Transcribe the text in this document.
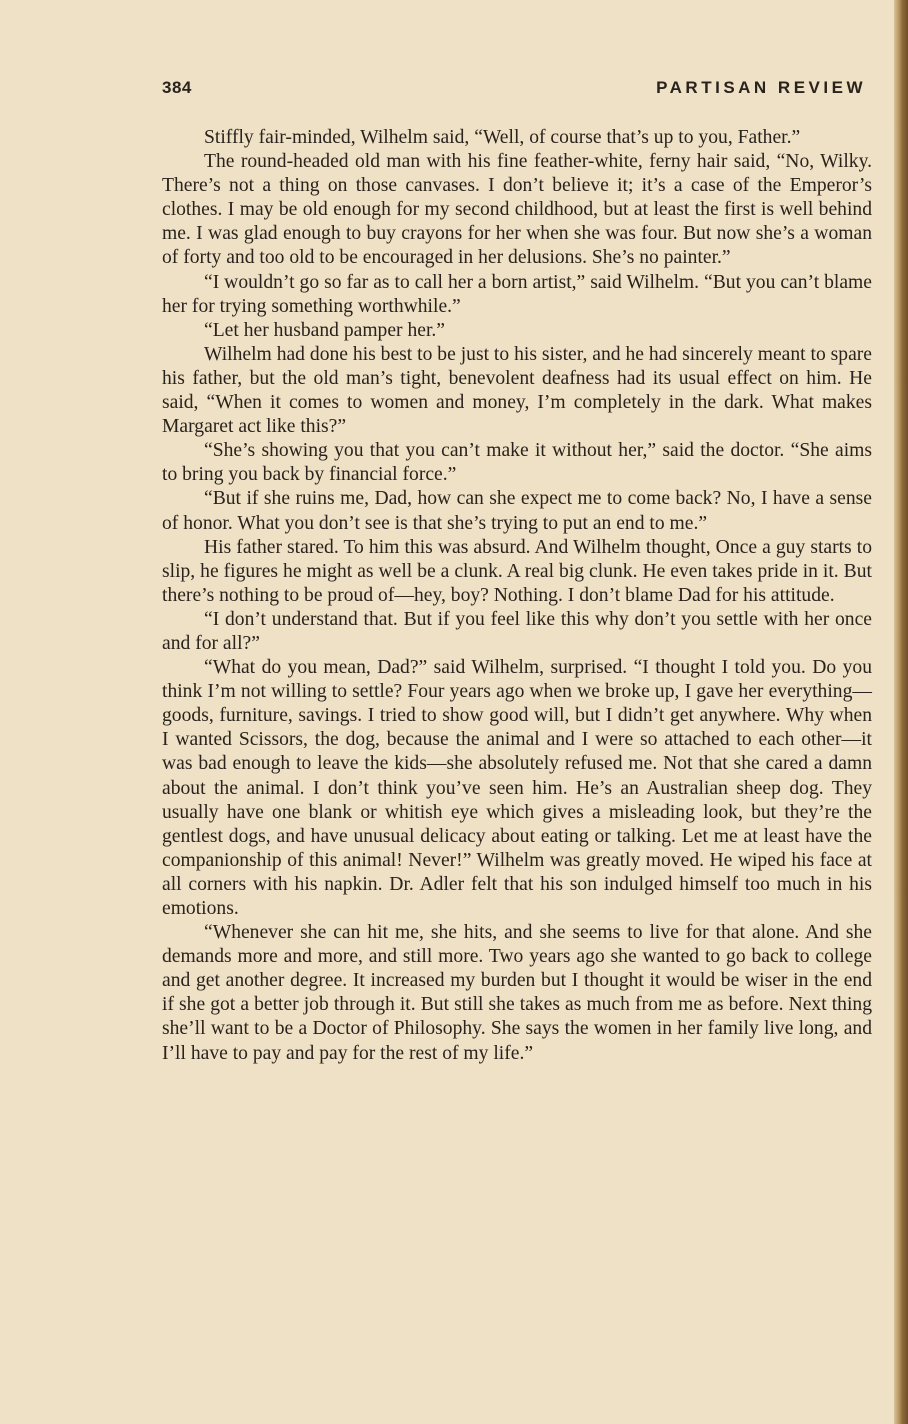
384	PARTISAN REVIEW

Stiffly fair-minded, Wilhelm said, “Well, of course that’s up to you, Father.”

The round-headed old man with his fine feather-white, ferny hair said, “No, Wilky. There’s not a thing on those canvases. I don’t believe it; it’s a case of the Emperor’s clothes. I may be old enough for my second childhood, but at least the first is well behind me. I was glad enough to buy crayons for her when she was four. But now she’s a woman of forty and too old to be encouraged in her delusions. She’s no painter.”

“I wouldn’t go so far as to call her a born artist,” said Wilhelm. “But you can’t blame her for trying something worthwhile.”

“Let her husband pamper her.”

Wilhelm had done his best to be just to his sister, and he had sincerely meant to spare his father, but the old man’s tight, benevolent deafness had its usual effect on him. He said, “When it comes to women and money, I’m completely in the dark. What makes Margaret act like this?”

“She’s showing you that you can’t make it without her,” said the doctor. “She aims to bring you back by financial force.”

“But if she ruins me, Dad, how can she expect me to come back? No, I have a sense of honor. What you don’t see is that she’s trying to put an end to me.”

His father stared. To him this was absurd. And Wilhelm thought, Once a guy starts to slip, he figures he might as well be a clunk. A real big clunk. He even takes pride in it. But there’s nothing to be proud of—hey, boy? Nothing. I don’t blame Dad for his attitude.

“I don’t understand that. But if you feel like this why don’t you settle with her once and for all?”

“What do you mean, Dad?” said Wilhelm, surprised. “I thought I told you. Do you think I’m not willing to settle? Four years ago when we broke up, I gave her everything—goods, furniture, savings. I tried to show good will, but I didn’t get anywhere. Why when I wanted Scissors, the dog, because the animal and I were so attached to each other—it was bad enough to leave the kids—she absolutely refused me. Not that she cared a damn about the animal. I don’t think you’ve seen him. He’s an Australian sheep dog. They usually have one blank or whitish eye which gives a misleading look, but they’re the gentlest dogs, and have unusual delicacy about eating or talking. Let me at least have the companionship of this animal! Never!” Wilhelm was greatly moved. He wiped his face at all corners with his napkin. Dr. Adler felt that his son indulged himself too much in his emotions.

“Whenever she can hit me, she hits, and she seems to live for that alone. And she demands more and more, and still more. Two years ago she wanted to go back to college and get another degree. It increased my burden but I thought it would be wiser in the end if she got a better job through it. But still she takes as much from me as before. Next thing she’ll want to be a Doctor of Philosophy. She says the women in her family live long, and I’ll have to pay and pay for the rest of my life.”
